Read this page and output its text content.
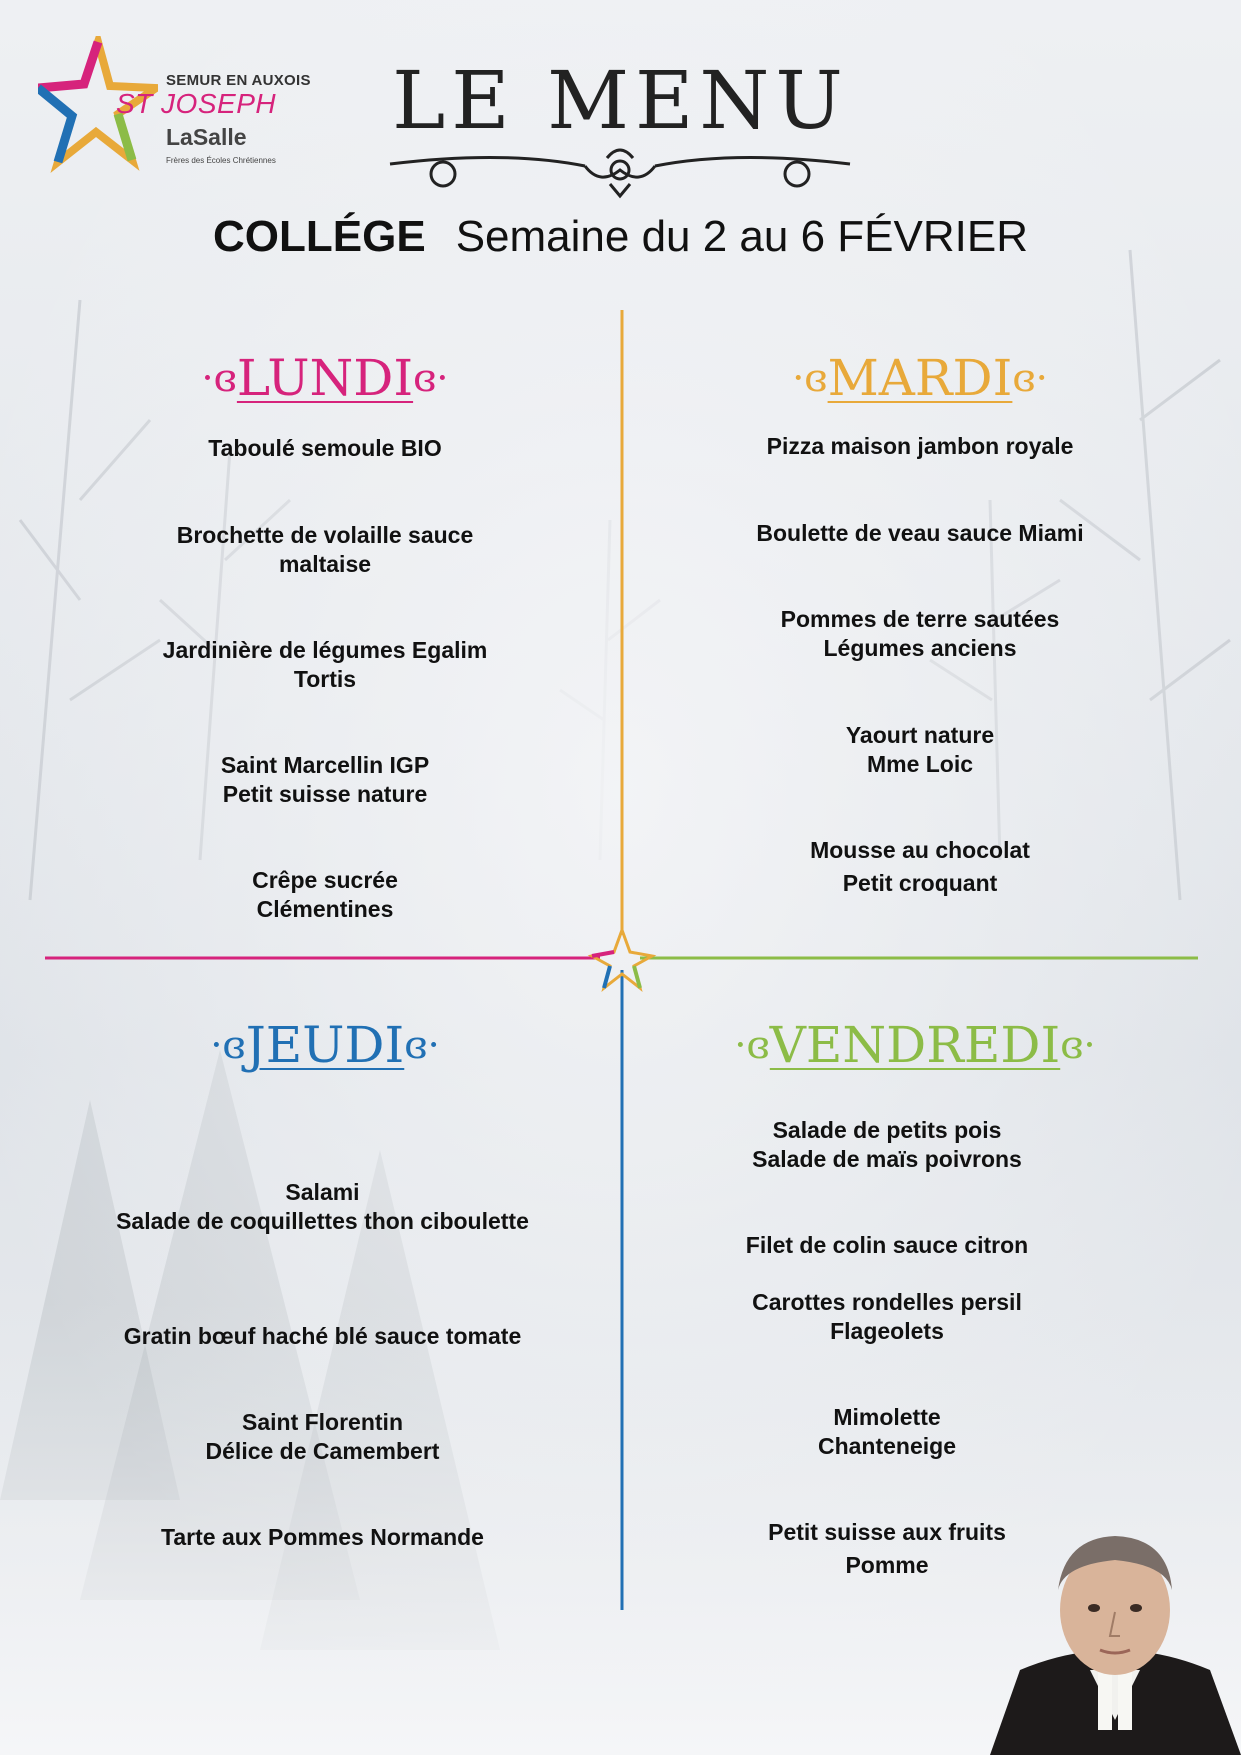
SEMUR EN AUXOIS
ST JOSEPH
LaSalle
Frères des Écoles Chrétiennes
LE MENU
COLLÉGE Semaine du 2 au 6 FÉVRIER
·ɞLUNDIɞ·	·ɞMARDIɞ·
·ɞJEUDIɞ·	·ɞVENDREDIɞ·
Taboulé semoule BIO
Brochette de volaille sauce
maltaise
Jardinière de légumes Egalim
Tortis
Saint Marcellin IGP
Petit suisse nature
Crêpe sucrée
Clémentines
Pizza maison jambon royale
Boulette de veau sauce Miami
Pommes de terre sautées
Légumes anciens
Yaourt nature
Mme Loic
Mousse au chocolat
Petit croquant
Salami
Salade de coquillettes thon ciboulette
Gratin bœuf haché blé sauce tomate
Saint Florentin
Délice de Camembert
Tarte aux Pommes Normande
Salade de petits pois
Salade de maïs poivrons
Filet de colin sauce citron
Carottes rondelles persil
Flageolets
Mimolette
Chanteneige
Petit suisse aux fruits
Pomme
